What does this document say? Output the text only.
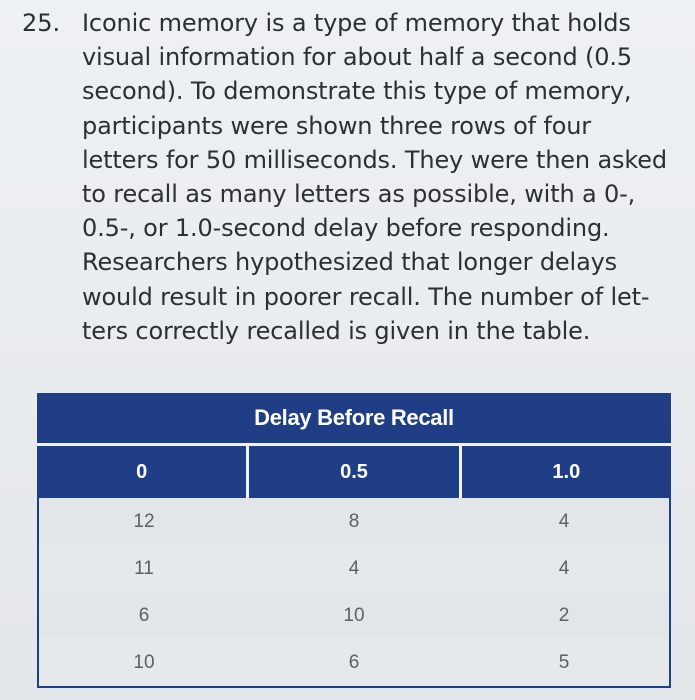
25. Iconic memory is a type of memory that holds
visual information for about half a second (0.5
second). To demonstrate this type of memory,
participants were shown three rows of four
letters for 50 milliseconds. They were then asked
to recall as many letters as possible, with a 0-,
0.5-, or 1.0-second delay before responding.
Researchers hypothesized that longer delays
would result in poorer recall. The number of let-
ters correctly recalled is given in the table.
Delay Before Recall
0	0.5	1.0
12	8	4
11	4	4
6	10	2
10	6	5
